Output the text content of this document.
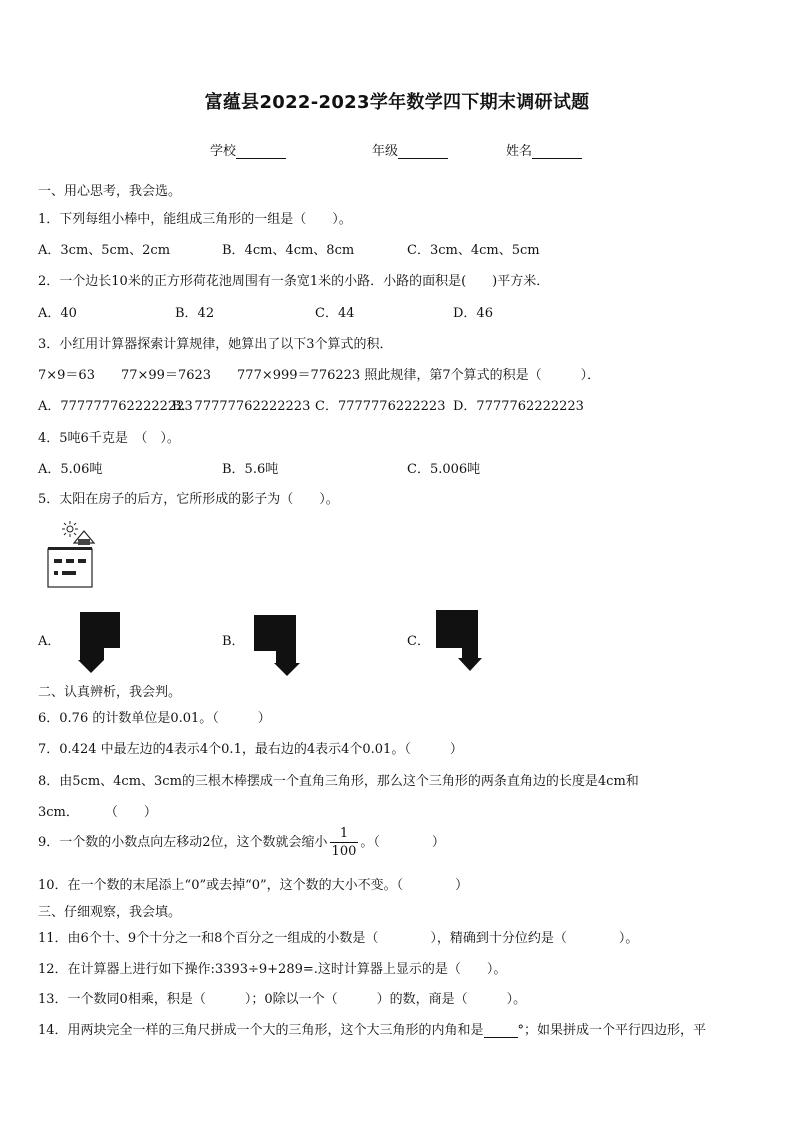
富蕴县2022-2023学年数学四下期末调研试题
学校	年级	姓名
一、用心思考，我会选。
1．下列每组小棒中，能组成三角形的一组是（　　）。
A．3cm、5cm、2cm	B．4cm、4cm、8cm	C．3cm、4cm、5cm
2．一个边长10米的正方形荷花池周围有一条宽1米的小路．小路的面积是(　　)平方米．
A．40	B．42	C．44	D．46
3．小红用计算器探索计算规律，她算出了以下3个算式的积．
7×9＝63　　77×99＝7623　　777×999＝776223 照此规律，第7个算式的积是（　　　）．
A．7777777622222223
B．77777762222223 C．7777776222223 D．7777762222223
4．5吨6千克是　（　）。
A．5.06吨	B．5.6吨	C．5.006吨
5．太阳在房子的后方，它所形成的影子为（　　）。
A．	B．	C．
二、认真辨析，我会判。
6．0.76 的计数单位是0.01。（　　　）
7．0.424 中最左边的4表示4个0.1，最右边的4表示4个0.01。（　　　）
8．由5cm、4cm、3cm的三根木棒摆成一个直角三角形，那么这个三角形的两条直角边的长度是4cm和
3cm．　　　（　　）
9．一个数的小数点向左移动2位，这个数就会缩小 $\frac{1}{100}$ 。（　　　　）
10．在一个数的末尾添上“0”或去掉“0”，这个数的大小不变。（　　　　）
三、仔细观察，我会填。
11．由6个十、9个十分之一和8个百分之一组成的小数是（　　　　），精确到十分位约是（　　　　）。
12．在计算器上进行如下操作:3393÷9+289=.这时计算器上显示的是（　　）。
13．一个数同0相乘，积是（　　　）；0除以一个（　　　）的数，商是（　　　）。
14．用两块完全一样的三角尺拼成一个大的三角形，这个大三角形的内角和是	°；如果拼成一个平行四边形，平
